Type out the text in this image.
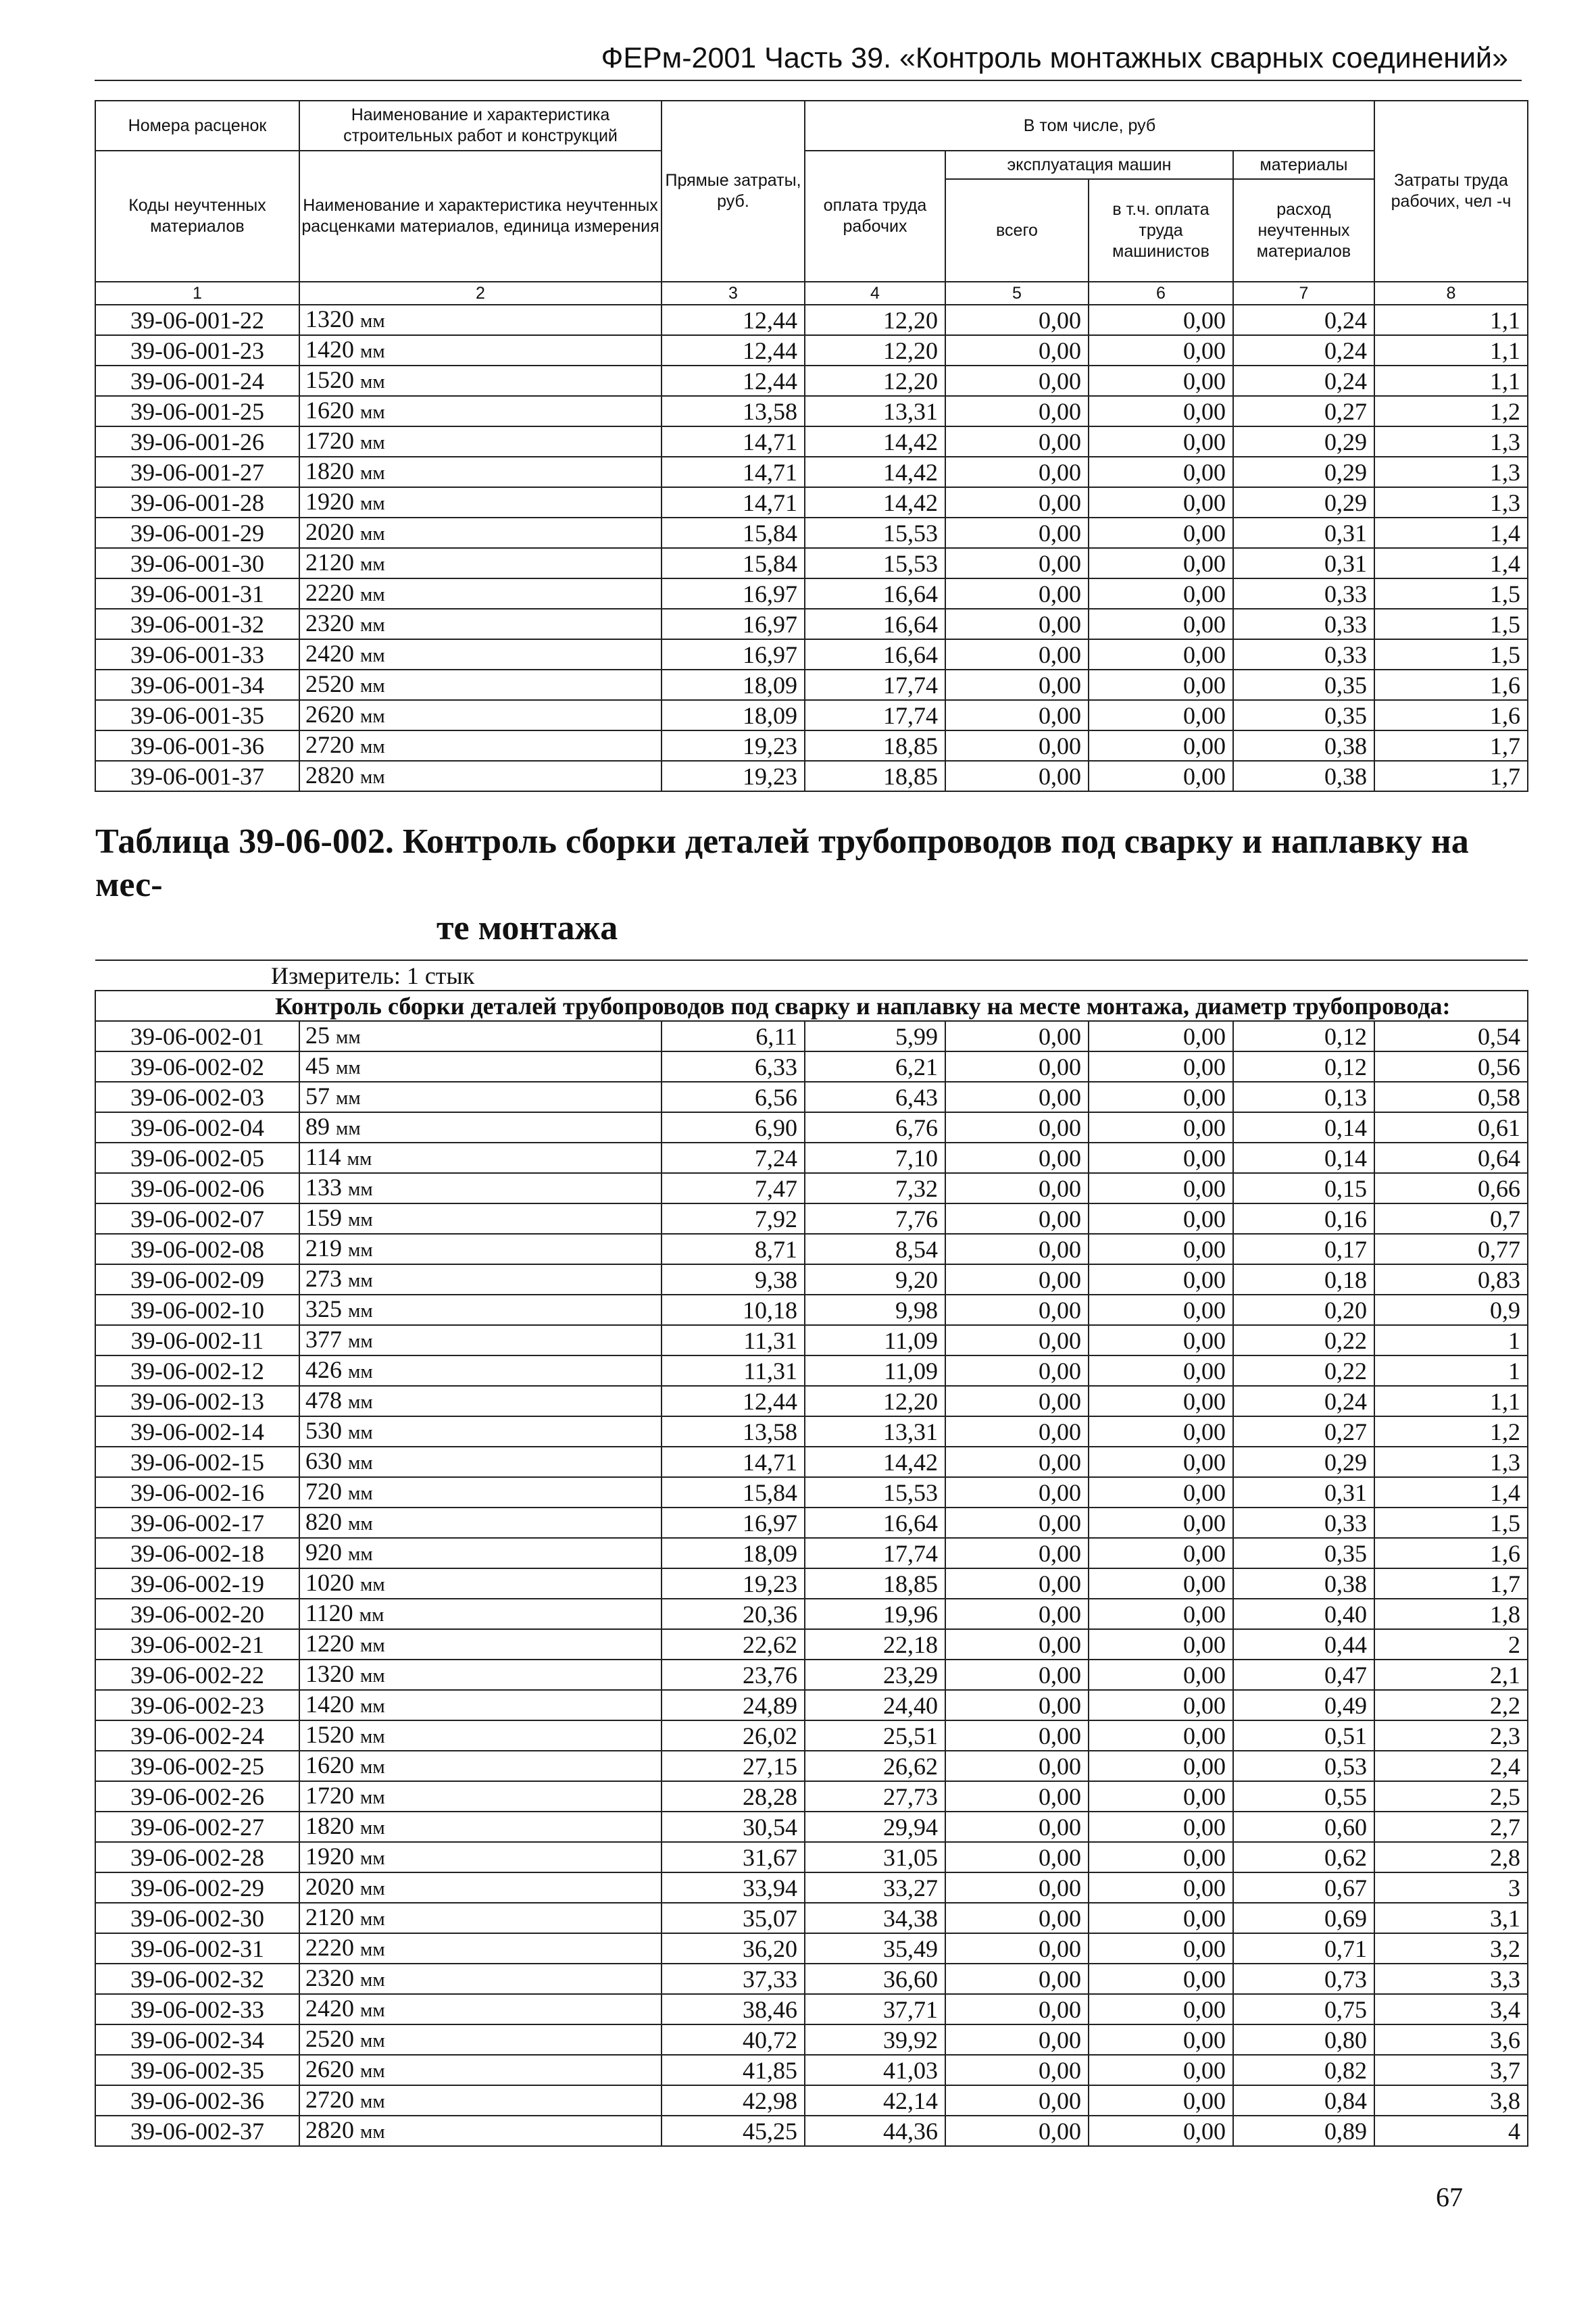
ФЕРм-2001 Часть 39. «Контроль монтажных сварных соединений»
Номера расценок	Наименование и характеристика строительных работ и конструкций	Прямые затраты, руб.	В том числе, руб				Затраты труда рабочих, чел -ч
Коды неучтенных материалов	Наименование и характеристика неучтенных расценками материалов, единица измерения		оплата труда рабочих	эксплуатация машин		материалы	
				всего	в т.ч. оплата труда машинистов	расход неучтенных материалов	

1	2	3	4	5	6	7	8
39-06-001-22	1320 мм	12,44	12,20	0,00	0,00	0,24	1,1
39-06-001-23	1420 мм	12,44	12,20	0,00	0,00	0,24	1,1
39-06-001-24	1520 мм	12,44	12,20	0,00	0,00	0,24	1,1
39-06-001-25	1620 мм	13,58	13,31	0,00	0,00	0,27	1,2
39-06-001-26	1720 мм	14,71	14,42	0,00	0,00	0,29	1,3
39-06-001-27	1820 мм	14,71	14,42	0,00	0,00	0,29	1,3
39-06-001-28	1920 мм	14,71	14,42	0,00	0,00	0,29	1,3
39-06-001-29	2020 мм	15,84	15,53	0,00	0,00	0,31	1,4
39-06-001-30	2120 мм	15,84	15,53	0,00	0,00	0,31	1,4
39-06-001-31	2220 мм	16,97	16,64	0,00	0,00	0,33	1,5
39-06-001-32	2320 мм	16,97	16,64	0,00	0,00	0,33	1,5
39-06-001-33	2420 мм	16,97	16,64	0,00	0,00	0,33	1,5
39-06-001-34	2520 мм	18,09	17,74	0,00	0,00	0,35	1,6
39-06-001-35	2620 мм	18,09	17,74	0,00	0,00	0,35	1,6
39-06-001-36	2720 мм	19,23	18,85	0,00	0,00	0,38	1,7
39-06-001-37	2820 мм	19,23	18,85	0,00	0,00	0,38	1,7

Таблица 39-06-002. Контроль сборки деталей трубопроводов под сварку и наплавку на мес-
те монтажа							

Измеритель: 1 стык							
Контроль сборки деталей трубопроводов под сварку и наплавку на месте монтажа, диаметр трубопровода:							
39-06-002-01	25 мм	6,11	5,99	0,00	0,00	0,12	0,54
39-06-002-02	45 мм	6,33	6,21	0,00	0,00	0,12	0,56
39-06-002-03	57 мм	6,56	6,43	0,00	0,00	0,13	0,58
39-06-002-04	89 мм	6,90	6,76	0,00	0,00	0,14	0,61
39-06-002-05	114 мм	7,24	7,10	0,00	0,00	0,14	0,64
39-06-002-06	133 мм	7,47	7,32	0,00	0,00	0,15	0,66
39-06-002-07	159 мм	7,92	7,76	0,00	0,00	0,16	0,7
39-06-002-08	219 мм	8,71	8,54	0,00	0,00	0,17	0,77
39-06-002-09	273 мм	9,38	9,20	0,00	0,00	0,18	0,83
39-06-002-10	325 мм	10,18	9,98	0,00	0,00	0,20	0,9
39-06-002-11	377 мм	11,31	11,09	0,00	0,00	0,22	1
39-06-002-12	426 мм	11,31	11,09	0,00	0,00	0,22	1
39-06-002-13	478 мм	12,44	12,20	0,00	0,00	0,24	1,1
39-06-002-14	530 мм	13,58	13,31	0,00	0,00	0,27	1,2
39-06-002-15	630 мм	14,71	14,42	0,00	0,00	0,29	1,3
39-06-002-16	720 мм	15,84	15,53	0,00	0,00	0,31	1,4
39-06-002-17	820 мм	16,97	16,64	0,00	0,00	0,33	1,5
39-06-002-18	920 мм	18,09	17,74	0,00	0,00	0,35	1,6
39-06-002-19	1020 мм	19,23	18,85	0,00	0,00	0,38	1,7
39-06-002-20	1120 мм	20,36	19,96	0,00	0,00	0,40	1,8
39-06-002-21	1220 мм	22,62	22,18	0,00	0,00	0,44	2
39-06-002-22	1320 мм	23,76	23,29	0,00	0,00	0,47	2,1
39-06-002-23	1420 мм	24,89	24,40	0,00	0,00	0,49	2,2
39-06-002-24	1520 мм	26,02	25,51	0,00	0,00	0,51	2,3
39-06-002-25	1620 мм	27,15	26,62	0,00	0,00	0,53	2,4
39-06-002-26	1720 мм	28,28	27,73	0,00	0,00	0,55	2,5
39-06-002-27	1820 мм	30,54	29,94	0,00	0,00	0,60	2,7
39-06-002-28	1920 мм	31,67	31,05	0,00	0,00	0,62	2,8
39-06-002-29	2020 мм	33,94	33,27	0,00	0,00	0,67	3
39-06-002-30	2120 мм	35,07	34,38	0,00	0,00	0,69	3,1
39-06-002-31	2220 мм	36,20	35,49	0,00	0,00	0,71	3,2
39-06-002-32	2320 мм	37,33	36,60	0,00	0,00	0,73	3,3
39-06-002-33	2420 мм	38,46	37,71	0,00	0,00	0,75	3,4
39-06-002-34	2520 мм	40,72	39,92	0,00	0,00	0,80	3,6
39-06-002-35	2620 мм	41,85	41,03	0,00	0,00	0,82	3,7
39-06-002-36	2720 мм	42,98	42,14	0,00	0,00	0,84	3,8
39-06-002-37	2820 мм	45,25	44,36	0,00	0,00	0,89	4
67
